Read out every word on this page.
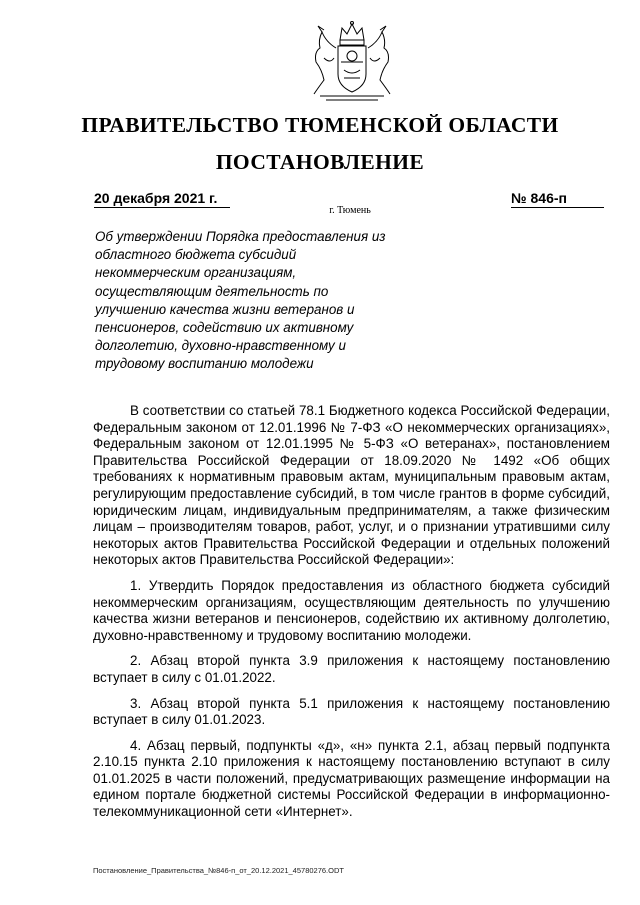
ПРАВИТЕЛЬСТВО ТЮМЕНСКОЙ ОБЛАСТИ
ПОСТАНОВЛЕНИЕ
20 декабря 2021 г.	№ 846-п
г. Тюмень

Об утверждении Порядка предоставления из областного бюджета субсидий некоммерческим организациям, осуществляющим деятельность по улучшению качества жизни ветеранов и пенсионеров, содействию их активному долголетию, духовно-нравственному и трудовому воспитанию молодежи

В соответствии со статьей 78.1 Бюджетного кодекса Российской Федерации, Федеральным законом от 12.01.1996 № 7-ФЗ «О некоммерческих организациях», Федеральным законом от 12.01.1995 № 5-ФЗ «О ветеранах», постановлением Правительства Российской Федерации от 18.09.2020 № 1492 «Об общих требованиях к нормативным правовым актам, муниципальным правовым актам, регулирующим предоставление субсидий, в том числе грантов в форме субсидий, юридическим лицам, индивидуальным предпринимателям, а также физическим лицам – производителям товаров, работ, услуг, и о признании утратившими силу некоторых актов Правительства Российской Федерации и отдельных положений некоторых актов Правительства Российской Федерации»:

1. Утвердить Порядок предоставления из областного бюджета субсидий некоммерческим организациям, осуществляющим деятельность по улучшению качества жизни ветеранов и пенсионеров, содействию их активному долголетию, духовно-нравственному и трудовому воспитанию молодежи.

2. Абзац второй пункта 3.9 приложения к настоящему постановлению вступает в силу с 01.01.2022.

3. Абзац второй пункта 5.1 приложения к настоящему постановлению вступает в силу 01.01.2023.

4. Абзац первый, подпункты «д», «н» пункта 2.1, абзац первый подпункта 2.10.15 пункта 2.10 приложения к настоящему постановлению вступают в силу 01.01.2025 в части положений, предусматривающих размещение информации на едином портале бюджетной системы Российской Федерации в информационно-телекоммуникационной сети «Интернет».

Постановление_Правительства_№846-п_от_20.12.2021_45780276.ODT
